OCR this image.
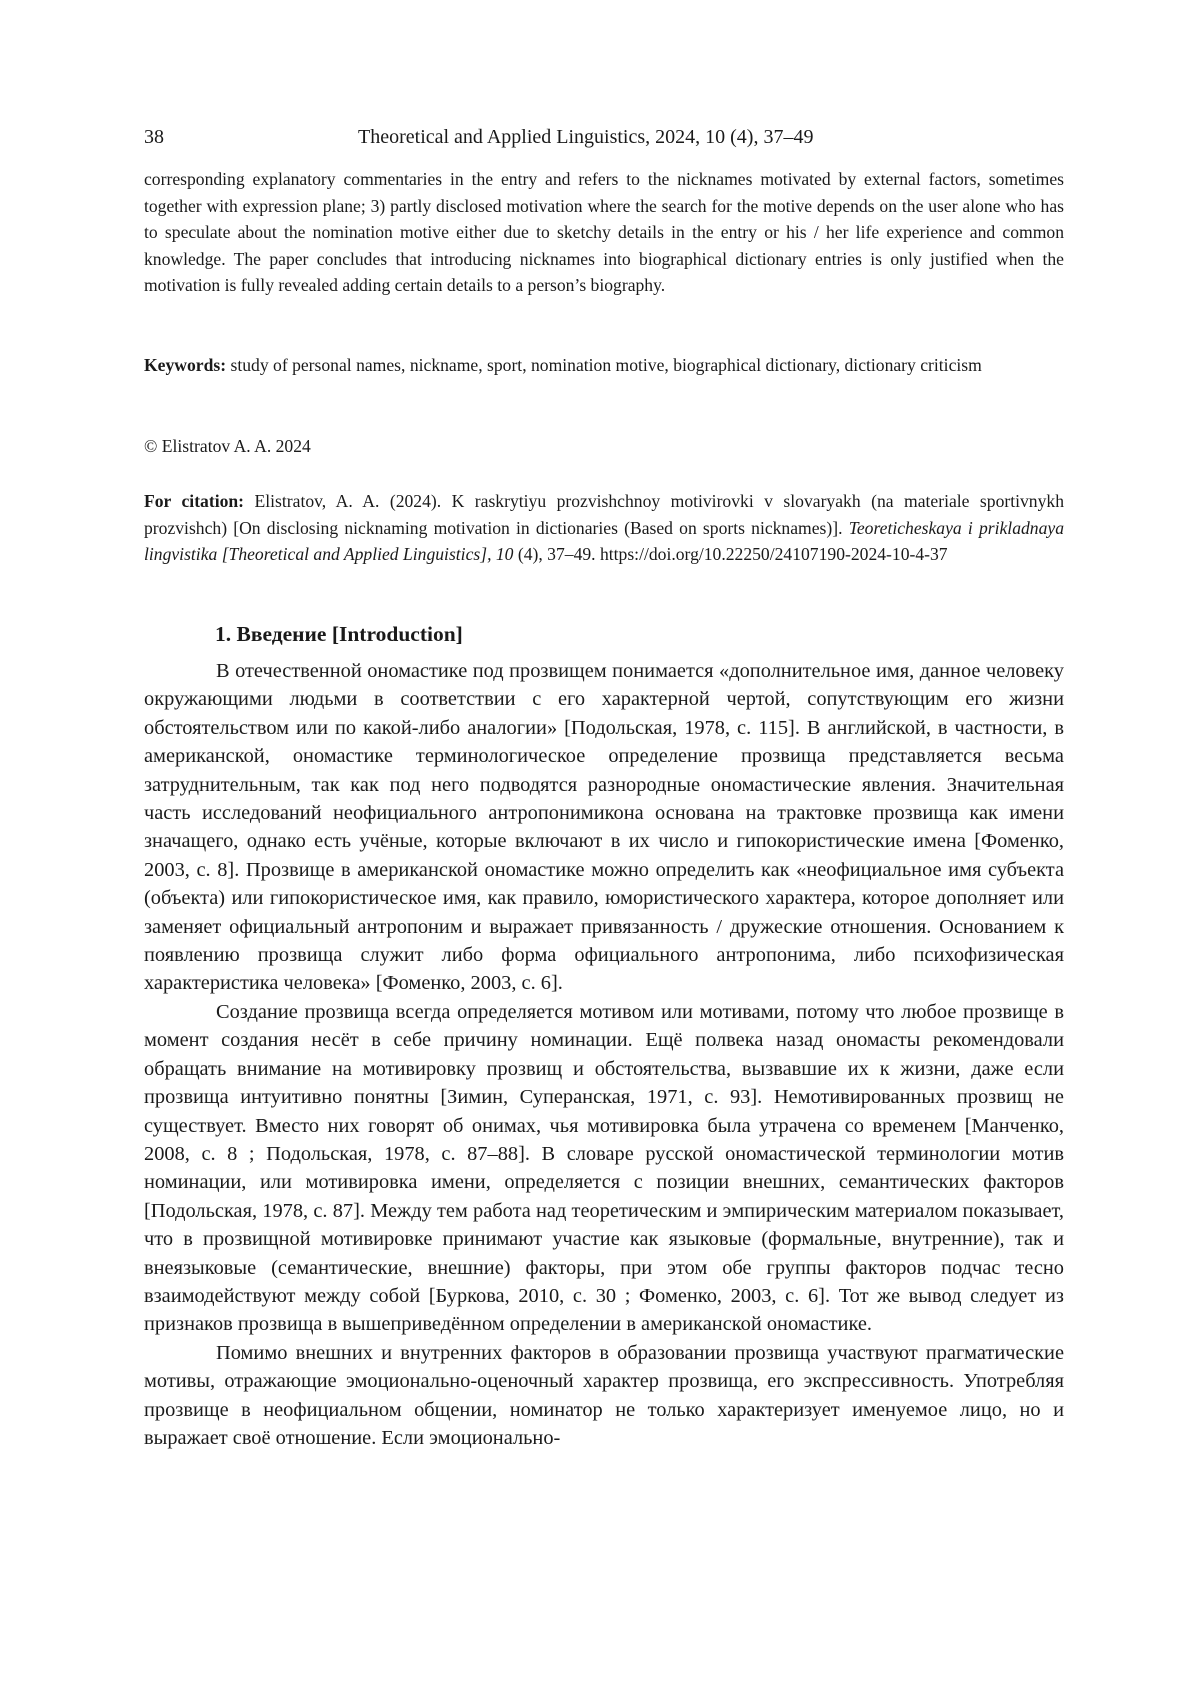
38	Theoretical and Applied Linguistics, 2024, 10 (4), 37–49
corresponding explanatory commentaries in the entry and refers to the nicknames motivated by external factors, sometimes together with expression plane; 3) partly disclosed motivation where the search for the motive depends on the user alone who has to speculate about the nomination motive either due to sketchy details in the entry or his / her life experience and common knowledge. The paper concludes that introducing nicknames into biographical dictionary entries is only justified when the motivation is fully revealed adding certain details to a person’s biography.
Keywords: study of personal names, nickname, sport, nomination motive, biographical dictionary, dictionary criticism
© Elistratov A. A. 2024
For citation: Elistratov, A. A. (2024). K raskrytiyu prozvishchnoy motivirovki v slovaryakh (na materiale sportivnykh prozvishch) [On disclosing nicknaming motivation in dictionaries (Based on sports nicknames)]. Teoreticheskaya i prikladnaya lingvistika [Theoretical and Applied Linguistics], 10 (4), 37–49. https://doi.org/10.22250/24107190-2024-10-4-37
1. Введение [Introduction]

В отечественной ономастике под прозвищем понимается «дополнительное имя, данное человеку окружающими людьми в соответствии с его характерной чертой, сопутствующим его жизни обстоятельством или по какой-либо аналогии» [Подольская, 1978, с. 115]. В английской, в частности, в американской, ономастике терминологическое определение прозвища представляется весьма затруднительным, так как под него подводятся разнородные ономастические явления. Значительная часть исследований неофициального антропонимикона основана на трактовке прозвища как имени значащего, однако есть учёные, которые включают в их число и гипокористические имена [Фоменко, 2003, с. 8]. Прозвище в американской ономастике можно определить как «неофициальное имя субъекта (объекта) или гипокористическое имя, как правило, юмористического характера, которое дополняет или заменяет официальный антропоним и выражает привязанность / дружеские отношения. Основанием к появлению прозвища служит либо форма официального антропонима, либо психофизическая характеристика человека» [Фоменко, 2003, с. 6].

Создание прозвища всегда определяется мотивом или мотивами, потому что любое прозвище в момент создания несёт в себе причину номинации. Ещё полвека назад ономасты рекомендовали обращать внимание на мотивировку прозвищ и обстоятельства, вызвавшие их к жизни, даже если прозвища интуитивно понятны [Зимин, Суперанская, 1971, с. 93]. Немотивированных прозвищ не существует. Вместо них говорят об онимах, чья мотивировка была утрачена со временем [Манченко, 2008, с. 8 ; Подольская, 1978, с. 87–88]. В словаре русской ономастической терминологии мотив номинации, или мотивировка имени, определяется с позиции внешних, семантических факторов [Подольская, 1978, с. 87]. Между тем работа над теоретическим и эмпирическим материалом показывает, что в прозвищной мотивировке принимают участие как языковые (формальные, внутренние), так и внеязыковые (семантические, внешние) факторы, при этом обе группы факторов подчас тесно взаимодействуют между собой [Буркова, 2010, с. 30 ; Фоменко, 2003, с. 6]. Тот же вывод следует из признаков прозвища в вышеприведённом определении в американской ономастике.

Помимо внешних и внутренних факторов в образовании прозвища участвуют прагматические мотивы, отражающие эмоционально-оценочный характер прозвища, его экспрессивность. Употребляя прозвище в неофициальном общении, номинатор не только характеризует именуемое лицо, но и выражает своё отношение. Если эмоционально-
